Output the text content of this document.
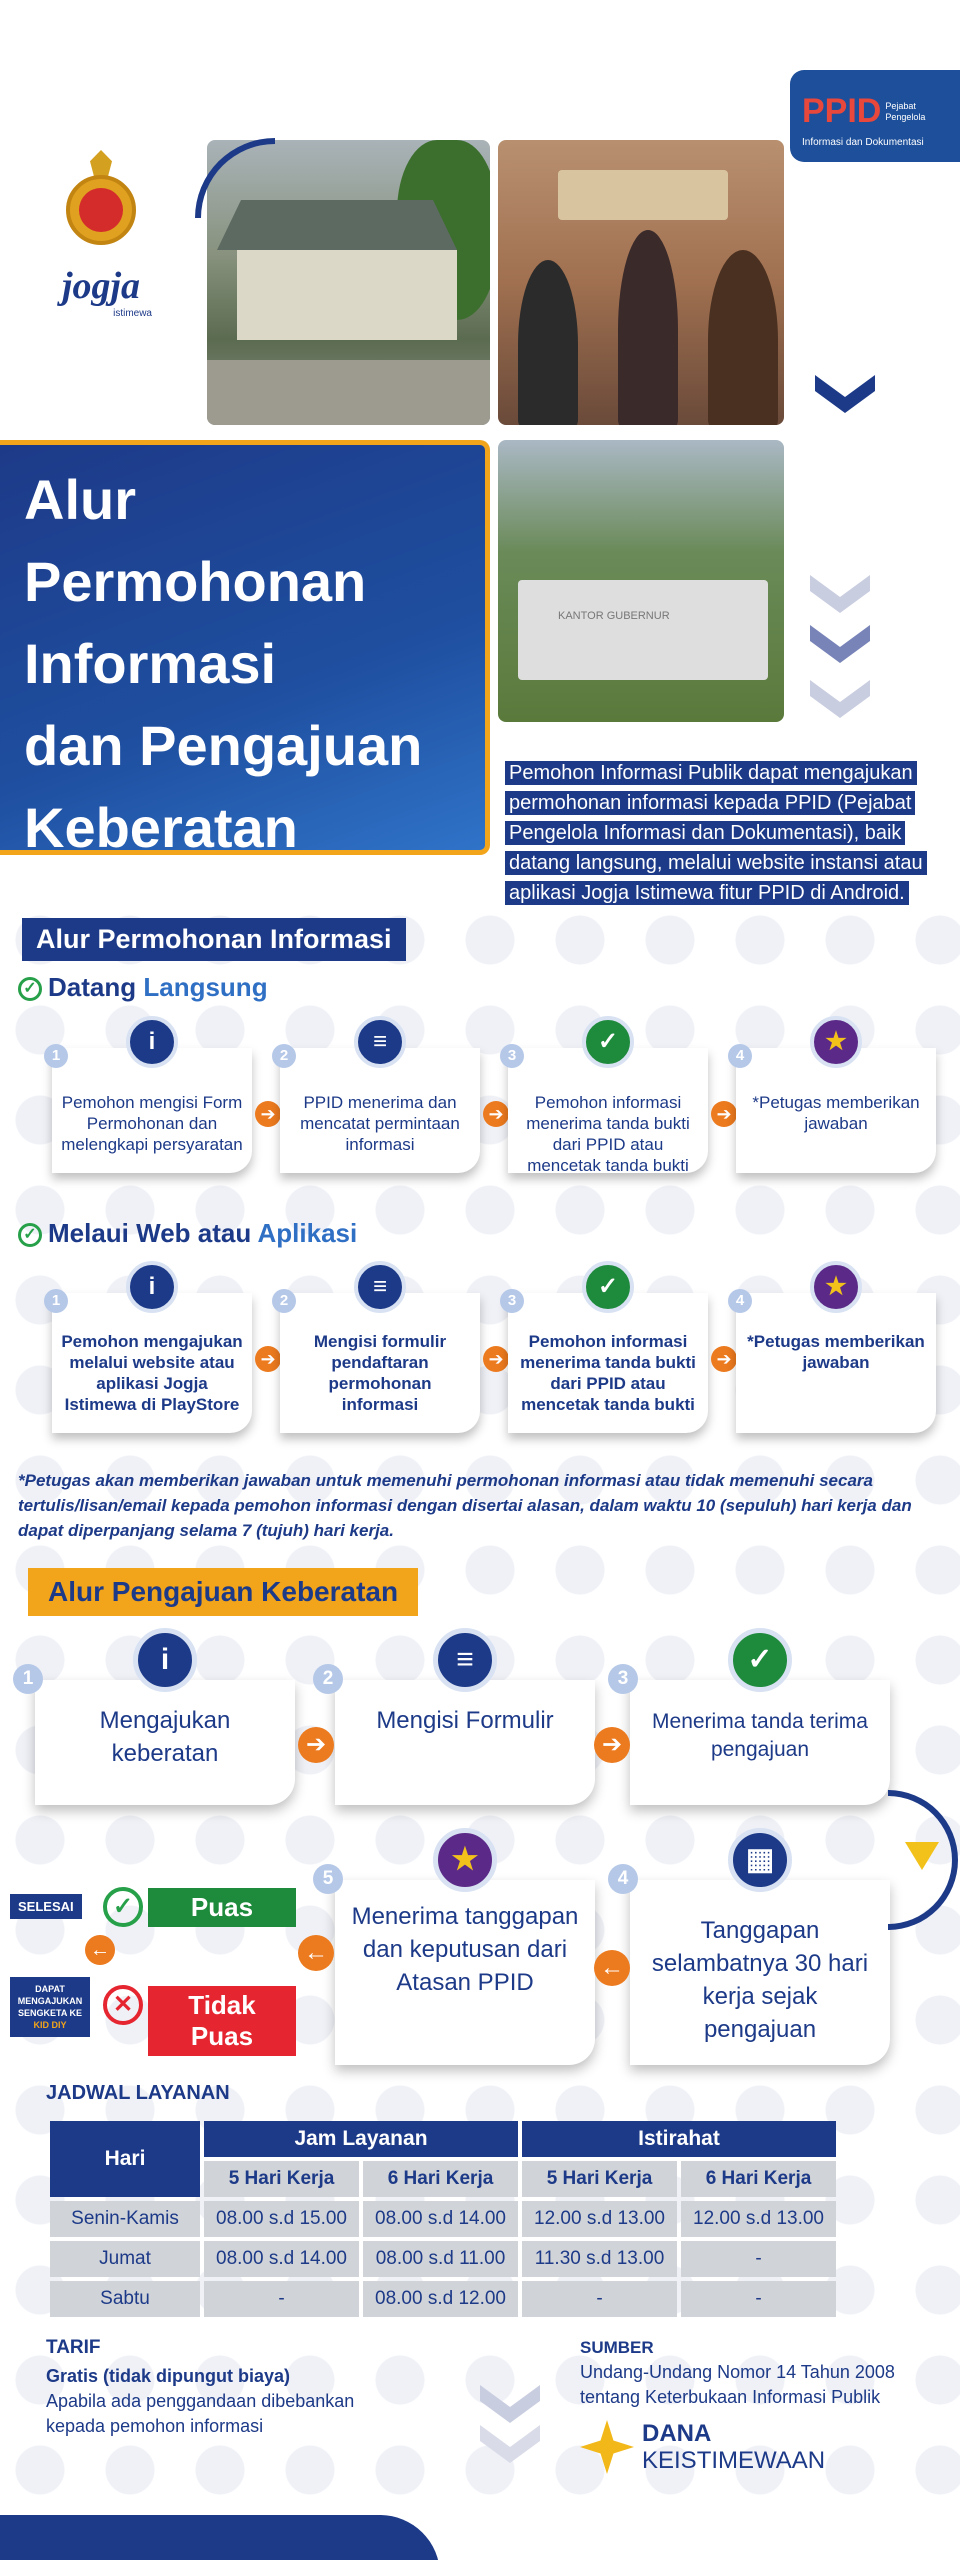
PPID Pejabat Pengelola
Informasi dan Dokumentasi
jogja
istimewa
KANTOR GUBERNUR
Alur
Permohonan
Informasi
dan Pengajuan
Keberatan
Pemohon Informasi Publik dapat mengajukan permohonan informasi kepada PPID (Pejabat Pengelola Informasi dan Dokumentasi), baik datang langsung, melalui website instansi atau aplikasi Jogja Istimewa fitur PPID di Android.
Alur Permohonan Informasi
✓ Datang Langsung
1
i
Pemohon mengisi Form Permohonan dan melengkapi persyaratan
➔
2
≡
PPID menerima dan mencatat permintaan informasi
➔
3
✓
Pemohon informasi menerima tanda bukti dari PPID atau mencetak tanda bukti
➔
4
★
*Petugas memberikan jawaban
✓ Melaui Web atau Aplikasi
1
i
Pemohon mengajukan melalui website atau aplikasi Jogja Istimewa di PlayStore
➔
2
≡
Mengisi formulir pendaftaran permohonan informasi
➔
3
✓
Pemohon informasi menerima tanda bukti dari PPID atau mencetak tanda bukti
➔
4
★
*Petugas memberikan jawaban
*Petugas akan memberikan jawaban untuk memenuhi permohonan informasi atau tidak memenuhi secara tertulis/lisan/email kepada pemohon informasi dengan disertai alasan, dalam waktu 10 (sepuluh) hari kerja dan dapat diperpanjang selama 7 (tujuh) hari kerja.
Alur Pengajuan Keberatan
1
i
Mengajukan keberatan
2
≡
Mengisi Formulir
3
✓
Menerima tanda terima pengajuan
4
▦
Tanggapan selambatnya 30 hari kerja sejak pengajuan
5
★
Menerima tanggapan dan keputusan dari Atasan PPID
➔	➔
←
←
←
SELESAI	✓	Puas
DAPAT MENGAJUKAN SENGKETA KE
KID DIY
✕	Tidak Puas
JADWAL LAYANAN
Hari	Jam Layanan		Istirahat	
	5 Hari Kerja	6 Hari Kerja	5 Hari Kerja	6 Hari Kerja
Senin-Kamis	08.00 s.d 15.00	08.00 s.d 14.00	12.00 s.d 13.00	12.00 s.d 13.00
Jumat	08.00 s.d 14.00	08.00 s.d 11.00	11.30 s.d 13.00	-
Sabtu	-	08.00 s.d 12.00	-	-
TARIF
Gratis (tidak dipungut biaya)
Apabila ada penggandaan dibebankan kepada pemohon informasi
SUMBER
Undang-Undang Nomor 14 Tahun 2008 tentang Keterbukaan Informasi Publik
DANA
KEISTIMEWAAN
